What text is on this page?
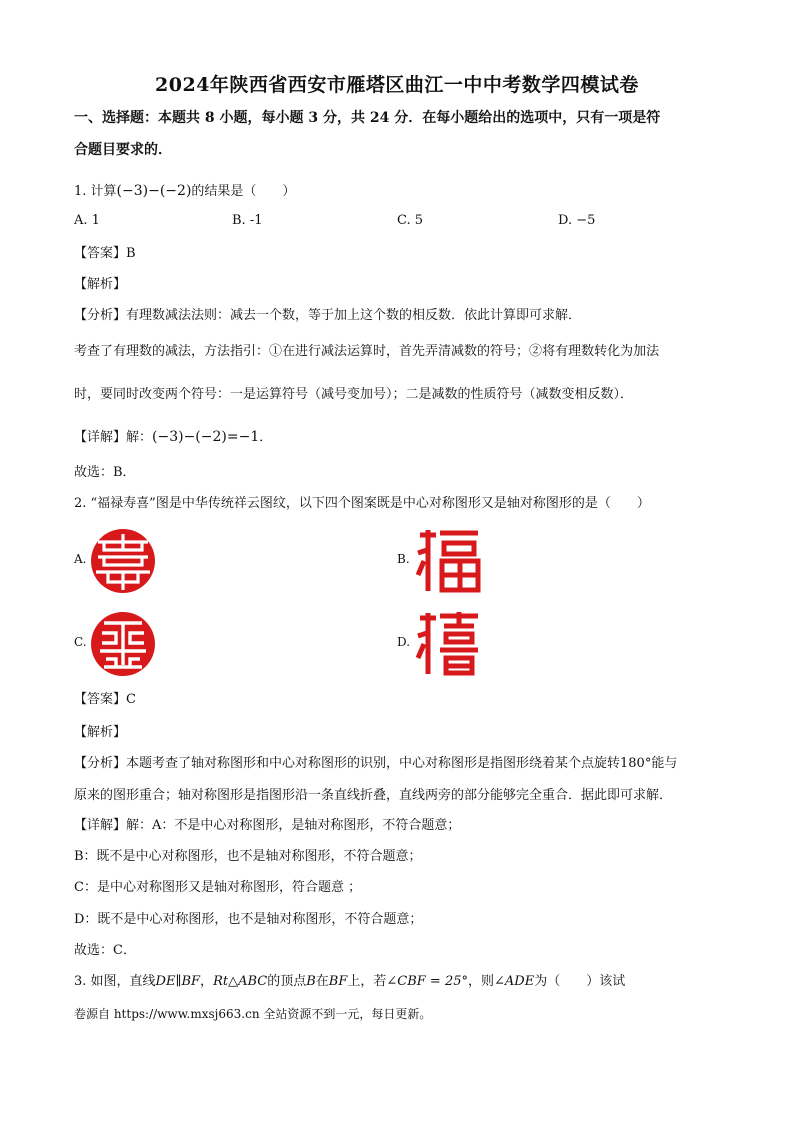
2024年陕西省西安市雁塔区曲江一中中考数学四模试卷
一、选择题：本题共 8 小题，每小题 3 分，共 24 分．在每小题给出的选项中，只有一项是符
合题目要求的．
1. 计算(−3)−(−2)的结果是（　　）
A. 1	B. -1	C. 5	D. −5
【答案】B
【解析】
【分析】有理数减法法则：减去一个数，等于加上这个数的相反数．依此计算即可求解．
考查了有理数的减法，方法指引：①在进行减法运算时，首先弄清减数的符号；②将有理数转化为加法
时，要同时改变两个符号：一是运算符号（减号变加号）；二是减数的性质符号（减数变相反数）．
【详解】解：(−3)−(−2)=−1．
故选：B．
2. “福禄寿喜”图是中华传统祥云图纹，以下四个图案既是中心对称图形又是轴对称图形的是（　　）
A.	B.
C.	D.
【答案】C
【解析】
【分析】本题考查了轴对称图形和中心对称图形的识别，中心对称图形是指图形绕着某个点旋转180°能与
原来的图形重合；轴对称图形是指图形沿一条直线折叠，直线两旁的部分能够完全重合．据此即可求解．
【详解】解：A：不是中心对称图形，是轴对称图形，不符合题意；
B：既不是中心对称图形，也不是轴对称图形，不符合题意；
C：是中心对称图形又是轴对称图形，符合题意 ；
D：既不是中心对称图形，也不是轴对称图形，不符合题意；
故选：C．
3. 如图，直线DE∥BF，Rt△ABC的顶点B在BF上，若∠CBF = 25°，则∠ADE为（　　）该试
卷源自 https://www.mxsj663.cn 全站资源不到一元，每日更新。
